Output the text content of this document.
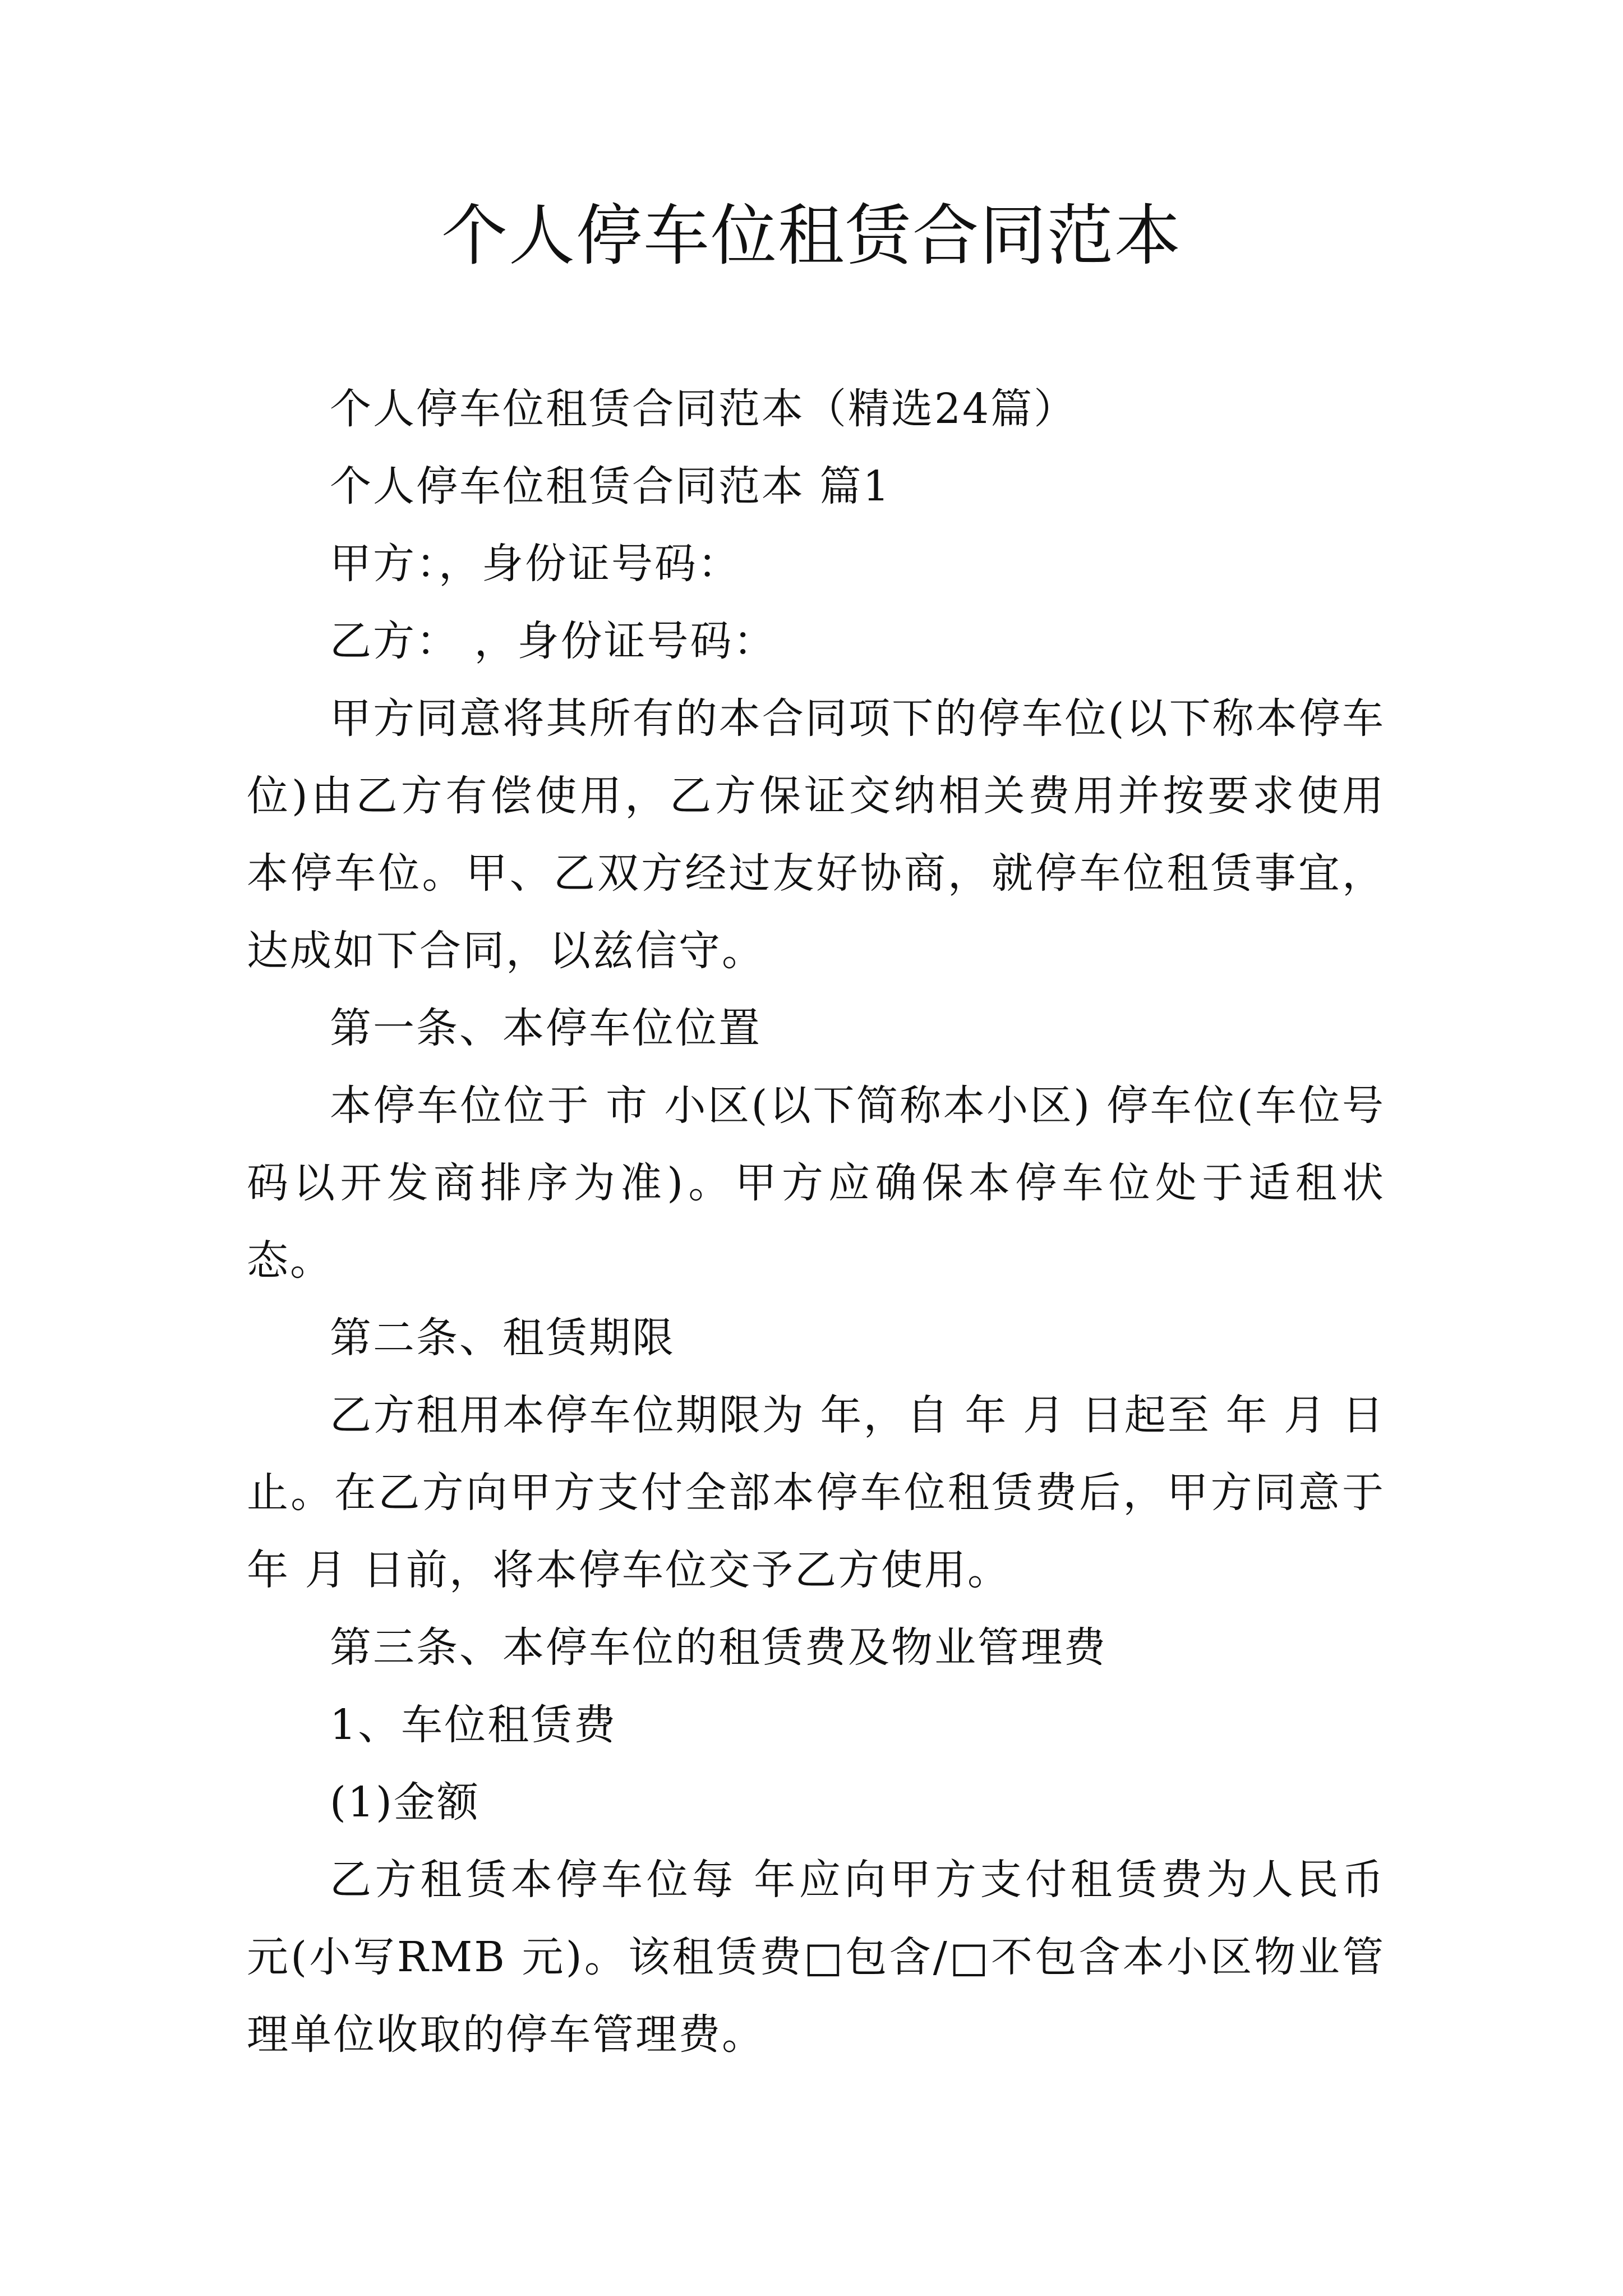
个人停车位租赁合同范本

个人停车位租赁合同范本（精选24篇）

个人停车位租赁合同范本 篇1

甲方：，身份证号码：

乙方： ，身份证号码：

甲方同意将其所有的本合同项下的停车位(以下称本停车位)由乙方有偿使用，乙方保证交纳相关费用并按要求使用本停车位。甲、乙双方经过友好协商，就停车位租赁事宜，达成如下合同，以兹信守。

第一条、本停车位位置

本停车位位于 市 小区(以下简称本小区) 停车位(车位号码以开发商排序为准)。甲方应确保本停车位处于适租状态。

第二条、租赁期限

乙方租用本停车位期限为 年，自 年 月 日起至 年 月 日止。在乙方向甲方支付全部本停车位租赁费后，甲方同意于 年 月 日前，将本停车位交予乙方使用。

第三条、本停车位的租赁费及物业管理费

1、车位租赁费

(1)金额

乙方租赁本停车位每 年应向甲方支付租赁费为人民币 元(小写RMB 元)。该租赁费□包含/□不包含本小区物业管理单位收取的停车管理费。
